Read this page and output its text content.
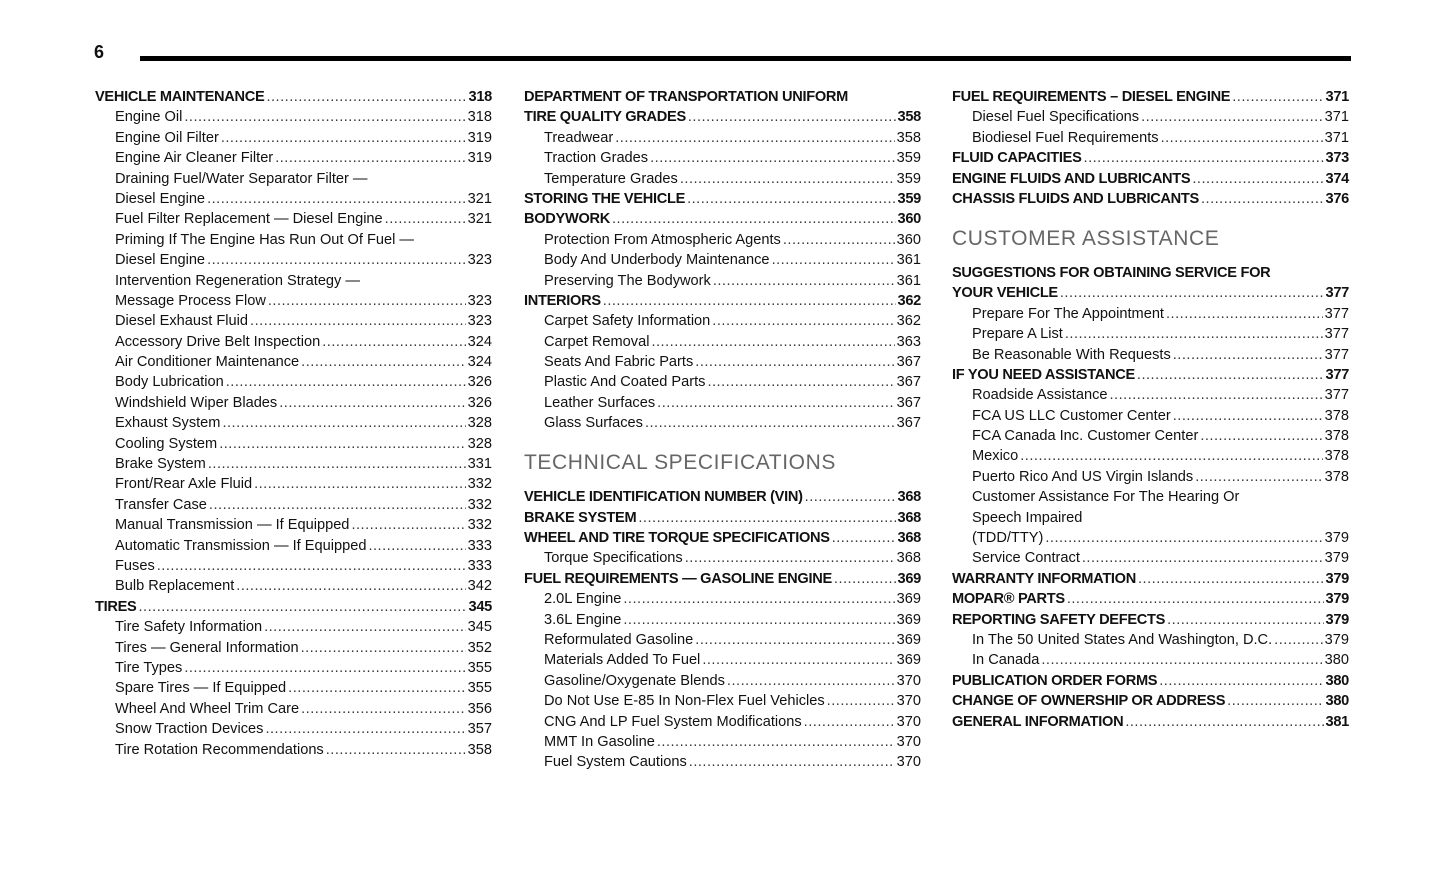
6
VEHICLE MAINTENANCE .....	318
Engine Oil .....	318
Engine Oil Filter .....	319
Engine Air Cleaner Filter .....	319
Draining Fuel/Water Separator Filter —
Diesel Engine .....	321
Fuel Filter Replacement — Diesel Engine .....	321
Priming If The Engine Has Run Out Of Fuel —
Diesel Engine .....	323
Intervention Regeneration Strategy —
Message Process Flow .....	323
Diesel Exhaust Fluid .....	323
Accessory Drive Belt Inspection .....	324
Air Conditioner Maintenance .....	324
Body Lubrication .....	326
Windshield Wiper Blades .....	326
Exhaust System .....	328
Cooling System .....	328
Brake System .....	331
Front/Rear Axle Fluid .....	332
Transfer Case .....	332
Manual Transmission — If Equipped .....	332
Automatic Transmission — If Equipped .....	333
Fuses .....	333
Bulb Replacement .....	342
TIRES .....	345
Tire Safety Information .....	345
Tires — General Information .....	352
Tire Types .....	355
Spare Tires — If Equipped .....	355
Wheel And Wheel Trim Care .....	356
Snow Traction Devices .....	357
Tire Rotation Recommendations .....	358
DEPARTMENT OF TRANSPORTATION UNIFORM
TIRE QUALITY GRADES .....	358
Treadwear .....	358
Traction Grades .....	359
Temperature Grades .....	359
STORING THE VEHICLE .....	359
BODYWORK .....	360
Protection From Atmospheric Agents .....	360
Body And Underbody Maintenance .....	361
Preserving The Bodywork .....	361
INTERIORS .....	362
Carpet Safety Information .....	362
Carpet Removal .....	363
Seats And Fabric Parts .....	367
Plastic And Coated Parts .....	367
Leather Surfaces .....	367
Glass Surfaces .....	367
TECHNICAL SPECIFICATIONS
VEHICLE IDENTIFICATION NUMBER (VIN) .....	368
BRAKE SYSTEM .....	368
WHEEL AND TIRE TORQUE SPECIFICATIONS .....	368
Torque Specifications .....	368
FUEL REQUIREMENTS — GASOLINE ENGINE .....	369
2.0L Engine .....	369
3.6L Engine .....	369
Reformulated Gasoline .....	369
Materials Added To Fuel .....	369
Gasoline/Oxygenate Blends .....	370
Do Not Use E-85 In Non-Flex Fuel Vehicles .....	370
CNG And LP Fuel System Modifications .....	370
MMT In Gasoline .....	370
Fuel System Cautions .....	370
FUEL REQUIREMENTS – DIESEL ENGINE .....	371
Diesel Fuel Specifications .....	371
Biodiesel Fuel Requirements .....	371
FLUID CAPACITIES .....	373
ENGINE FLUIDS AND LUBRICANTS .....	374
CHASSIS FLUIDS AND LUBRICANTS .....	376
CUSTOMER ASSISTANCE
SUGGESTIONS FOR OBTAINING SERVICE FOR
YOUR VEHICLE .....	377
Prepare For The Appointment .....	377
Prepare A List .....	377
Be Reasonable With Requests .....	377
IF YOU NEED ASSISTANCE .....	377
Roadside Assistance .....	377
FCA US LLC Customer Center .....	378
FCA Canada Inc. Customer Center .....	378
Mexico .....	378
Puerto Rico And US Virgin Islands .....	378
Customer Assistance For The Hearing Or
Speech Impaired
(TDD/TTY) .....	379
Service Contract .....	379
WARRANTY INFORMATION .....	379
MOPAR® PARTS .....	379
REPORTING SAFETY DEFECTS .....	379
In The 50 United States And Washington, D.C. .....	379
In Canada .....	380
PUBLICATION ORDER FORMS .....	380
CHANGE OF OWNERSHIP OR ADDRESS .....	380
GENERAL INFORMATION .....	381
